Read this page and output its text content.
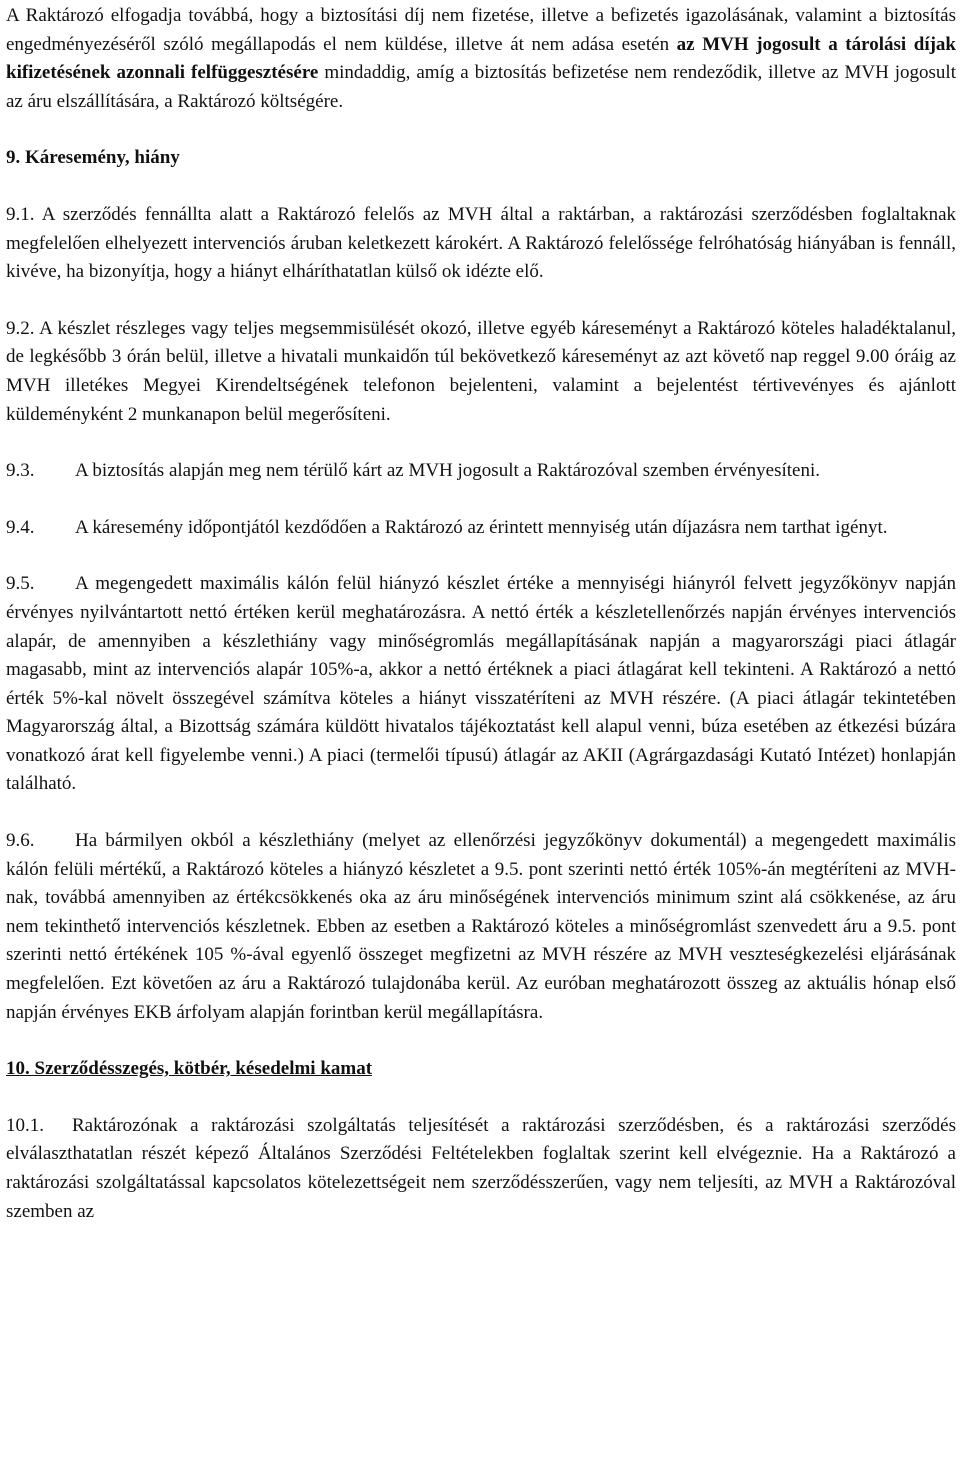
A Raktározó elfogadja továbbá, hogy a biztosítási díj nem fizetése, illetve a befizetés igazolásának, valamint a biztosítás engedményezéséről szóló megállapodás el nem küldése, illetve át nem adása esetén az MVH jogosult a tárolási díjak kifizetésének azonnali felfüggesztésére mindaddig, amíg a biztosítás befizetése nem rendeződik, illetve az MVH jogosult az áru elszállítására, a Raktározó költségére.

9. Káresemény, hiány

9.1. A szerződés fennállta alatt a Raktározó felelős az MVH által a raktárban, a raktározási szerződésben foglaltaknak megfelelően elhelyezett intervenciós áruban keletkezett károkért. A Raktározó felelőssége felróhatóság hiányában is fennáll, kivéve, ha bizonyítja, hogy a hiányt elháríthatatlan külső ok idézte elő.

9.2. A készlet részleges vagy teljes megsemmisülését okozó, illetve egyéb káreseményt a Raktározó köteles haladéktalanul, de legkésőbb 3 órán belül, illetve a hivatali munkaidőn túl bekövetkező káreseményt az azt követő nap reggel 9.00 óráig az MVH illetékes Megyei Kirendeltségének telefonon bejelenteni, valamint a bejelentést tértivevényes és ajánlott küldeményként 2 munkanapon belül megerősíteni.

9.3. A biztosítás alapján meg nem térülő kárt az MVH jogosult a Raktározóval szemben érvényesíteni.

9.4. A káresemény időpontjától kezdődően a Raktározó az érintett mennyiség után díjazásra nem tarthat igényt.

9.5. A megengedett maximális kálón felül hiányzó készlet értéke a mennyiségi hiányról felvett jegyzőkönyv napján érvényes nyilvántartott nettó értéken kerül meghatározásra. A nettó érték a készletellenőrzés napján érvényes intervenciós alapár, de amennyiben a készlethiány vagy minőségromlás megállapításának napján a magyarországi piaci átlagár magasabb, mint az intervenciós alapár 105%-a, akkor a nettó értéknek a piaci átlagárat kell tekinteni. A Raktározó a nettó érték 5%-kal növelt összegével számítva köteles a hiányt visszatéríteni az MVH részére. (A piaci átlagár tekintetében Magyarország által, a Bizottság számára küldött hivatalos tájékoztatást kell alapul venni, búza esetében az étkezési búzára vonatkozó árat kell figyelembe venni.) A piaci (termelői típusú) átlagár az AKII (Agrárgazdasági Kutató Intézet) honlapján található.

9.6. Ha bármilyen okból a készlethiány (melyet az ellenőrzési jegyzőkönyv dokumentál) a megengedett maximális kálón felüli mértékű, a Raktározó köteles a hiányzó készletet a 9.5. pont szerinti nettó érték 105%-án megtéríteni az MVH-nak, továbbá amennyiben az értékcsökkenés oka az áru minőségének intervenciós minimum szint alá csökkenése, az áru nem tekinthető intervenciós készletnek. Ebben az esetben a Raktározó köteles a minőségromlást szenvedett áru a 9.5. pont szerinti nettó értékének 105 %-ával egyenlő összeget megfizetni az MVH részére az MVH veszteségkezelési eljárásának megfelelően. Ezt követően az áru a Raktározó tulajdonába kerül. Az euróban meghatározott összeg az aktuális hónap első napján érvényes EKB árfolyam alapján forintban kerül megállapításra.

10. Szerződésszegés, kötbér, késedelmi kamat

10.1. Raktározónak a raktározási szolgáltatás teljesítését a raktározási szerződésben, és a raktározási szerződés elválaszthatatlan részét képező Általános Szerződési Feltételekben foglaltak szerint kell elvégeznie. Ha a Raktározó a raktározási szolgáltatással kapcsolatos kötelezettségeit nem szerződésszerűen, vagy nem teljesíti, az MVH a Raktározóval szemben az
